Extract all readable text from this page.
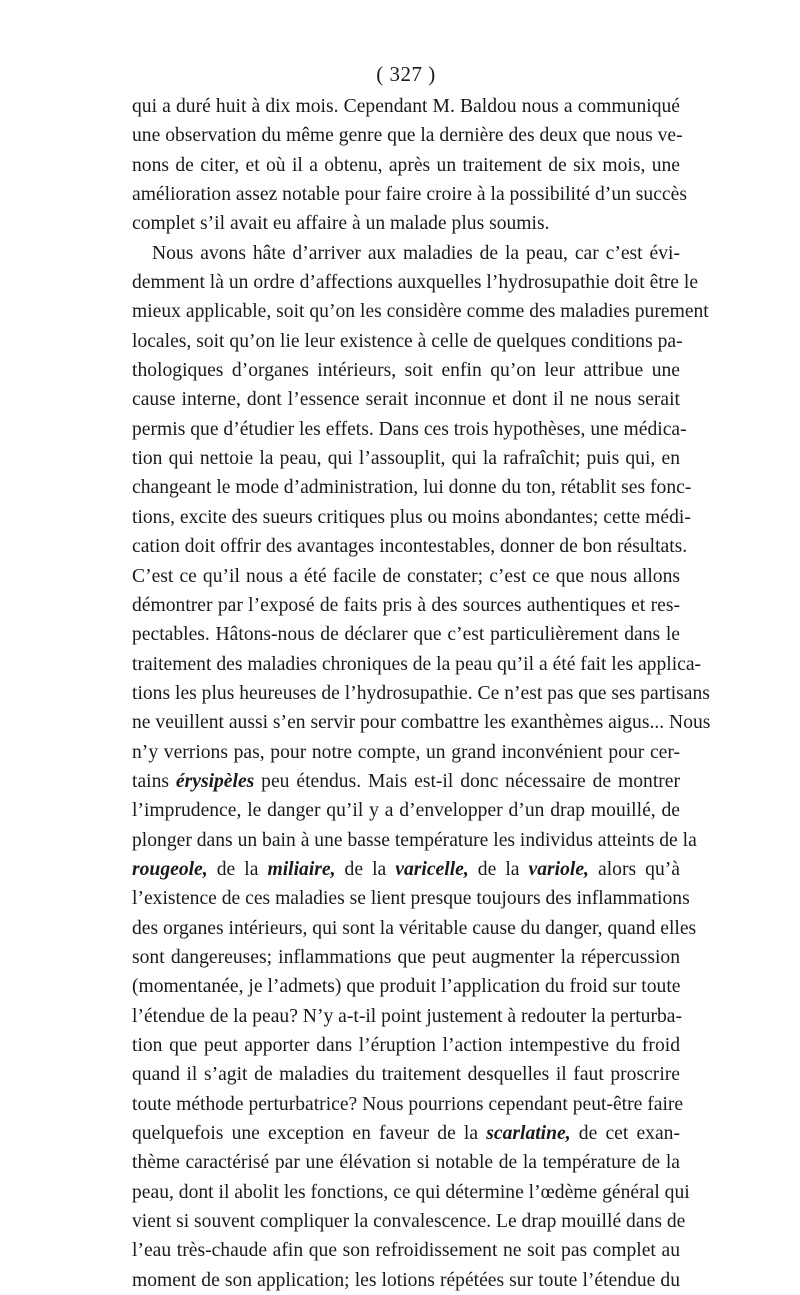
( 327 )
qui a duré huit à dix mois. Cependant M. Baldou nous a communiqué
une observation du même genre que la dernière des deux que nous ve-
nons de citer, et où il a obtenu, après un traitement de six mois, une
amélioration assez notable pour faire croire à la possibilité d’un succès
complet s’il avait eu affaire à un malade plus soumis.
Nous avons hâte d’arriver aux maladies de la peau, car c’est évi-
demment là un ordre d’affections auxquelles l’hydrosupathie doit être le
mieux applicable, soit qu’on les considère comme des maladies purement
locales, soit qu’on lie leur existence à celle de quelques conditions pa-
thologiques d’organes intérieurs, soit enfin qu’on leur attribue une
cause interne, dont l’essence serait inconnue et dont il ne nous serait
permis que d’étudier les effets. Dans ces trois hypothèses, une médica-
tion qui nettoie la peau, qui l’assouplit, qui la rafraîchit; puis qui, en
changeant le mode d’administration, lui donne du ton, rétablit ses fonc-
tions, excite des sueurs critiques plus ou moins abondantes; cette médi-
cation doit offrir des avantages incontestables, donner de bon résultats.
C’est ce qu’il nous a été facile de constater; c’est ce que nous allons
démontrer par l’exposé de faits pris à des sources authentiques et res-
pectables. Hâtons-nous de déclarer que c’est particulièrement dans le
traitement des maladies chroniques de la peau qu’il a été fait les applica-
tions les plus heureuses de l’hydrosupathie. Ce n’est pas que ses partisans
ne veuillent aussi s’en servir pour combattre les exanthèmes aigus... Nous
n’y verrions pas, pour notre compte, un grand inconvénient pour cer-
tains érysipèles peu étendus. Mais est-il donc nécessaire de montrer
l’imprudence, le danger qu’il y a d’envelopper d’un drap mouillé, de
plonger dans un bain à une basse température les individus atteints de la
rougeole, de la miliaire, de la varicelle, de la variole, alors qu’à
l’existence de ces maladies se lient presque toujours des inflammations
des organes intérieurs, qui sont la véritable cause du danger, quand elles
sont dangereuses; inflammations que peut augmenter la répercussion
(momentanée, je l’admets) que produit l’application du froid sur toute
l’étendue de la peau? N’y a-t-il point justement à redouter la perturba-
tion que peut apporter dans l’éruption l’action intempestive du froid
quand il s’agit de maladies du traitement desquelles il faut proscrire
toute méthode perturbatrice? Nous pourrions cependant peut-être faire
quelquefois une exception en faveur de la scarlatine, de cet exan-
thème caractérisé par une élévation si notable de la température de la
peau, dont il abolit les fonctions, ce qui détermine l’œdème général qui
vient si souvent compliquer la convalescence. Le drap mouillé dans de
l’eau très-chaude afin que son refroidissement ne soit pas complet au
moment de son application; les lotions répétées sur toute l’étendue du
